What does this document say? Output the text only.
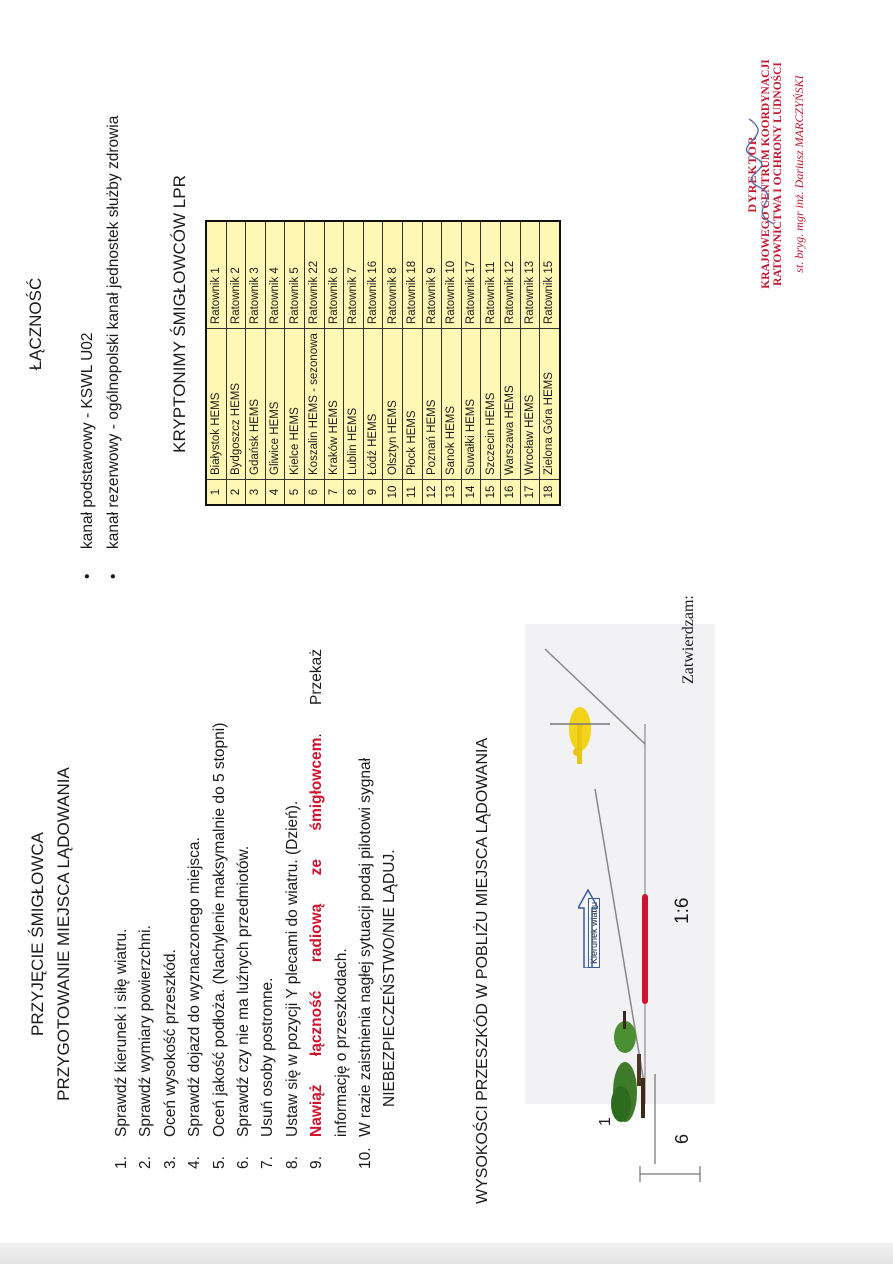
PRZYJĘCIE ŚMIGŁOWCA PRZYGOTOWANIE MIEJSCA LĄDOWANIA
1.
Sprawdź kierunek i siłę wiatru.
2.
Sprawdź wymiary powierzchni.
3.
Oceń wysokość przeszkód.
4.
Sprawdź dojazd do wyznaczonego miejsca.
5.
Oceń jakość podłoża. (Nachylenie maksymalnie do 5 stopni)
6.
Sprawdź czy nie ma luźnych przedmiotów.
7.
Usuń osoby postronne.
8.
Ustaw się w pozycji Y plecami do wiatru. (Dzień).
9.
Nawiąż łączność radiową ze śmigłowcem. Przekaż
informację o przeszkodach.
10.
W razie zaistnienia nagłej sytuacji podaj pilotowi sygnał NIEBEZPIECZEŃSTWO/NIE LĄDUJ.	WYSOKOŚCI PRZESZKÓD W POBLIŻU MIEJSCA LĄDOWANIA	1
6
1:6
Kierunek wiatru
ŁĄCZNOŚĆ
• kanał podstawowy - KSWL U02 • kanał rezerwowy - ogólnopolski kanał jednostek służby zdrowia	KRYPTONIMY ŚMIGŁOWCÓW LPR
1	Białystok HEMS	Ratownik 1
2	Bydgoszcz HEMS	Ratownik 2
3	Gdańsk HEMS	Ratownik 3
4	Gliwice HEMS	Ratownik 4
5	Kielce HEMS	Ratownik 5
6	Koszalin HEMS - sezonowa	Ratownik 22
7	Kraków HEMS	Ratownik 6
8	Lublin HEMS	Ratownik 7
9	Łódź HEMS	Ratownik 16
10	Olsztyn HEMS	Ratownik 8
11	Płock HEMS	Ratownik 18
12	Poznań HEMS	Ratownik 9
13	Sanok HEMS	Ratownik 10
14	Suwałki HEMS	Ratownik 17
15	Szczecin HEMS	Ratownik 11
16	Warszawa HEMS	Ratownik 12
17	Wrocław HEMS	Ratownik 13
18	Zielona Góra HEMS	Ratownik 15
Zatwierdzam:
DYREKTOR KRAJOWEGO CENTRUM KOORDYNACJI RATOWNICTWA I OCHRONY LUDNOŚCI st. bryg. mgr inż. Dariusz MARCZYŃSKI
